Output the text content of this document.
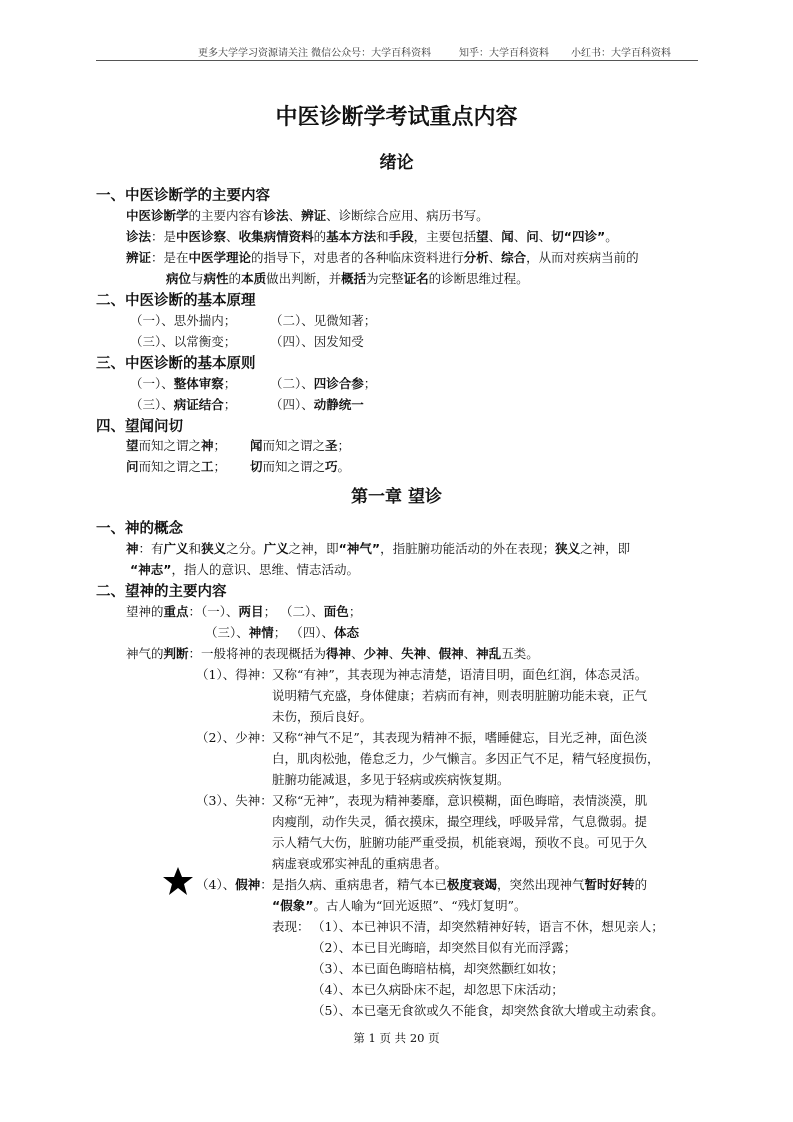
更多大学学习资源请关注 微信公众号：大学百科资料	知乎：大学百科资料 小红书：大学百科资料
中医诊断学考试重点内容
绪论
一、中医诊断学的主要内容
中医诊断学的主要内容有诊法、辨证、诊断综合应用、病历书写。
诊法：是中医诊察、收集病情资料的基本方法和手段，主要包括望、闻、问、切“四诊”。
辨证：是在中医学理论的指导下，对患者的各种临床资料进行分析、综合，从而对疾病当前的
病位与病性的本质做出判断，并概括为完整证名的诊断思维过程。
二、中医诊断的基本原理
（一）、思外揣内；	（二）、见微知著；
（三）、以常衡变；	（四）、因发知受
三、中医诊断的基本原则
（一）、整体审察；	（二）、四诊合参；
（三）、病证结合；	（四）、动静统一
四、望闻问切
望而知之谓之神； 闻而知之谓之圣；
问而知之谓之工； 切而知之谓之巧。
第一章 望诊
一、神的概念
神：有广义和狭义之分。广义之神，即“神气”，指脏腑功能活动的外在表现；狭义之神，即
“神志”，指人的意识、思维、情志活动。
二、望神的主要内容
望神的重点：（一）、两目； （二）、面色；
（三）、神情； （四）、体态
神气的判断：一般将神的表现概括为得神、少神、失神、假神、神乱五类。
（1）、得神： 又称“有神”，其表现为神志清楚，语清目明，面色红润，体态灵活。
说明精气充盛，身体健康；若病而有神，则表明脏腑功能未衰，正气
未伤，预后良好。
（2）、少神： 又称“神气不足”，其表现为精神不振，嗜睡健忘，目光乏神，面色淡
白，肌肉松弛，倦怠乏力，少气懒言。多因正气不足，精气轻度损伤，
脏腑功能减退，多见于轻病或疾病恢复期。
（3）、失神： 又称“无神”，表现为精神萎靡，意识模糊，面色晦暗，表情淡漠，肌
肉瘦削，动作失灵，循衣摸床，撮空理线，呼吸异常，气息微弱。提
示人精气大伤，脏腑功能严重受损，机能衰竭，预收不良。可见于久
病虚衰或邪实神乱的重病患者。
（4）、假神： 是指久病、重病患者，精气本已极度衰竭，突然出现神气暂时好转的
“假象”。古人喻为“回光返照”、“残灯复明”。
表现： （1）、本已神识不清，却突然精神好转，语言不休，想见亲人；
（2）、本已目光晦暗，却突然目似有光而浮露；
（3）、本已面色晦暗枯槁，却突然颧红如妆；
（4）、本已久病卧床不起，却忽思下床活动；
（5）、本已毫无食欲或久不能食，却突然食欲大增或主动索食。
第 1 页 共 20 页
